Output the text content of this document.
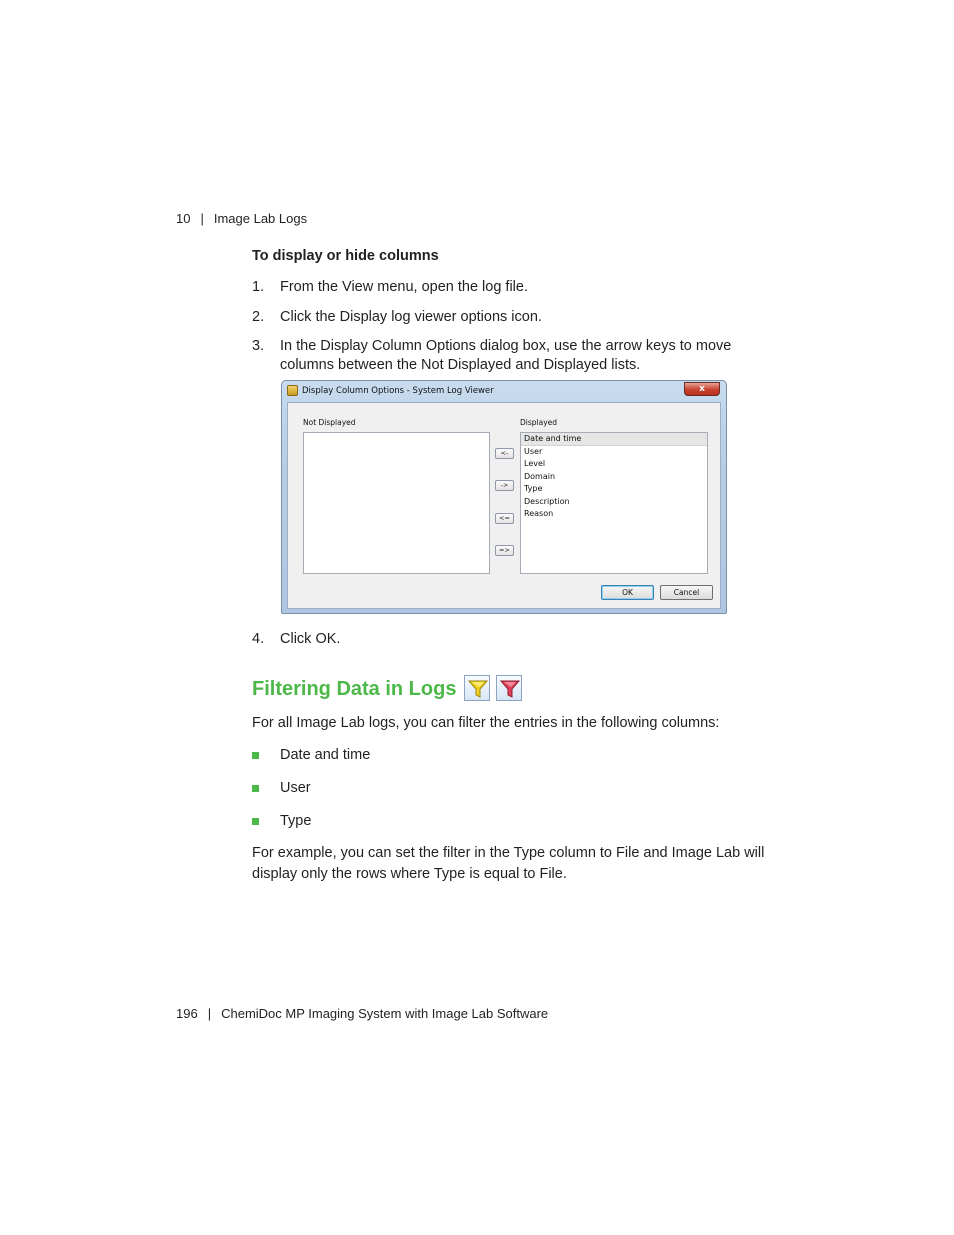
10 | Image Lab Logs
To display or hide columns
1. From the View menu, open the log file.
2. Click the Display log viewer options icon.
3. In the Display Column Options dialog box, use the arrow keys to move columns between the Not Displayed and Displayed lists.
Display Column Options - System Log Viewer	x
Not Displayed	Displayed
<-
->
<=
=>
Date and time
User
Level
Domain
Type
Description
Reason
OK	Cancel
4. Click OK.
Filtering Data in Logs
For all Image Lab logs, you can filter the entries in the following columns:
Date and time
User
Type
For example, you can set the filter in the Type column to File and Image Lab will display only the rows where Type is equal to File.
196 | ChemiDoc MP Imaging System with Image Lab Software
